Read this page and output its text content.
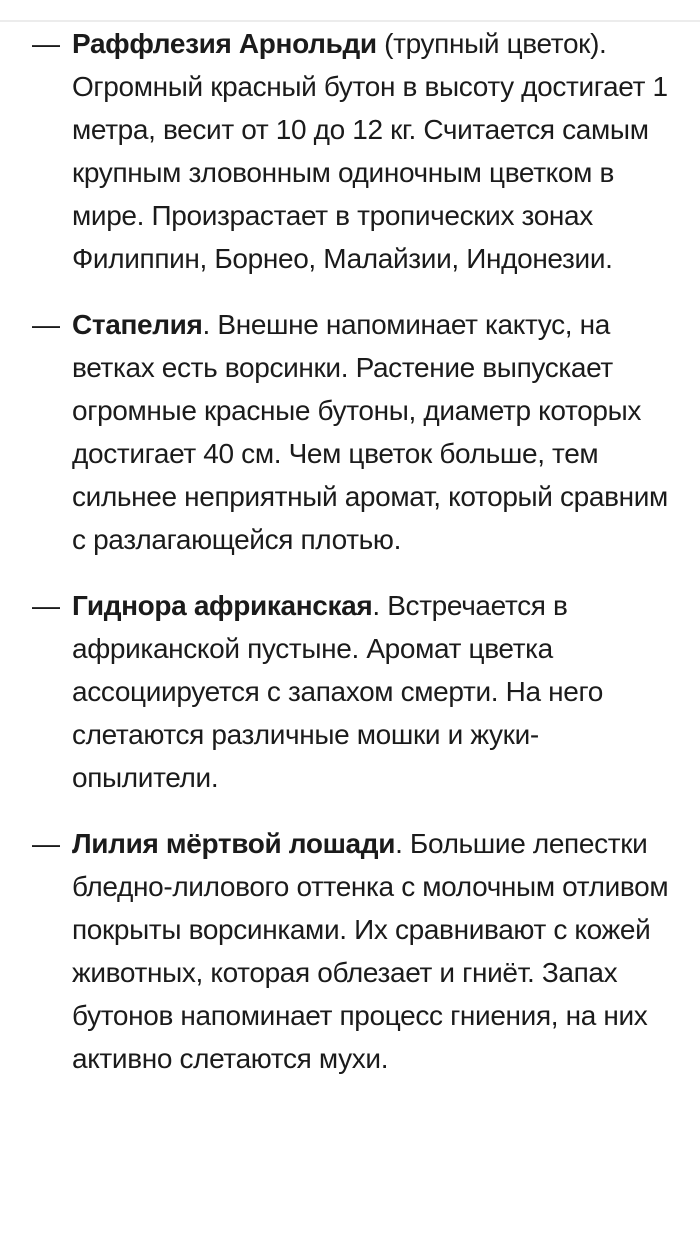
— Раффлезия Арнольди (трупный цветок). Огромный красный бутон в высоту достигает 1 метра, весит от 10 до 12 кг. Считается самым крупным зловонным одиночным цветком в мире. Произрастает в тропических зонах Филиппин, Борнео, Малайзии, Индонезии.
— Стапелия. Внешне напоминает кактус, на ветках есть ворсинки. Растение выпускает огромные красные бутоны, диаметр которых достигает 40 см. Чем цветок больше, тем сильнее неприятный аромат, который сравним с разлагающейся плотью.
— Гиднора африканская. Встречается в африканской пустыне. Аромат цветка ассоциируется с запахом смерти. На него слетаются различные мошки и жуки-опылители.
— Лилия мёртвой лошади. Большие лепестки бледно-лилового оттенка с молочным отливом покрыты ворсинками. Их сравнивают с кожей животных, которая облезает и гниёт. Запах бутонов напоминает процесс гниения, на них активно слетаются мухи.
